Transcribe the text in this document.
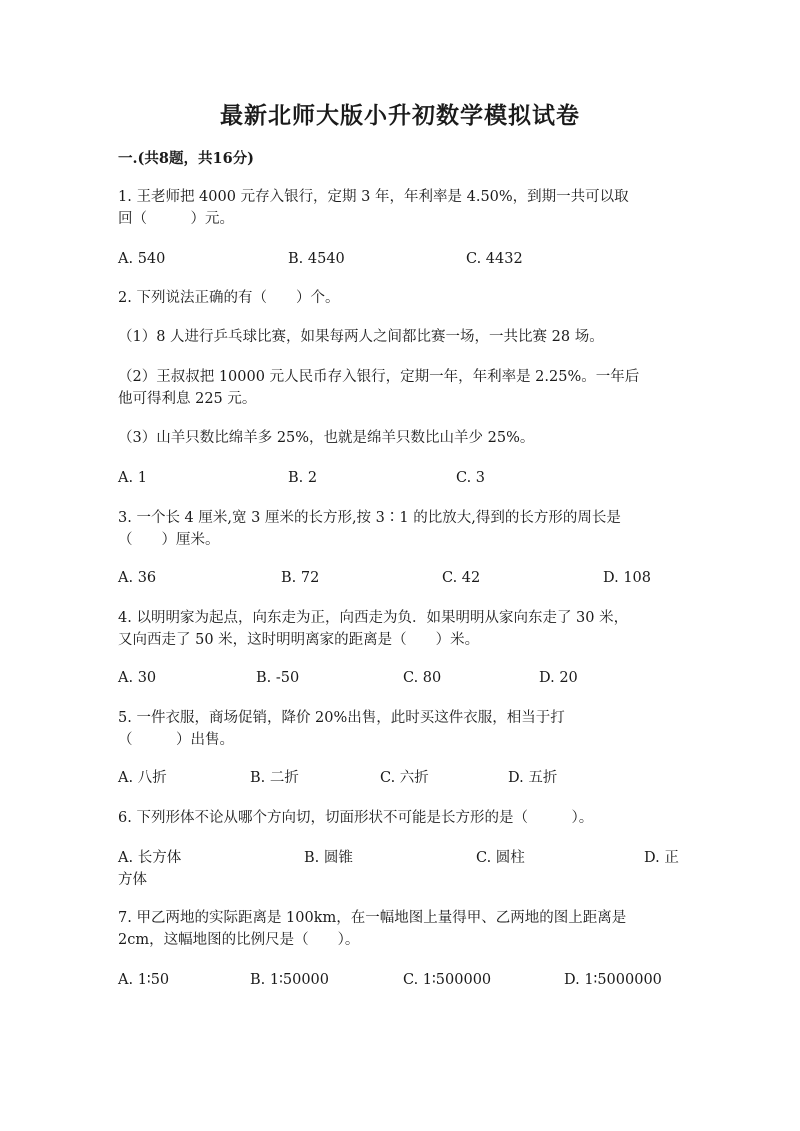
最新北师大版小升初数学模拟试卷
一.(共8题，共16分)
1. 王老师把 4000 元存入银行，定期 3 年，年利率是 4.50%，到期一共可以取
回（　　　）元。
A. 540	B. 4540	C. 4432
2. 下列说法正确的有（　　）个。
（1）8 人进行乒乓球比赛，如果每两人之间都比赛一场，一共比赛 28 场。
（2）王叔叔把 10000 元人民币存入银行，定期一年，年利率是 2.25%。一年后
他可得利息 225 元。
（3）山羊只数比绵羊多 25%，也就是绵羊只数比山羊少 25%。
A. 1	B. 2	C. 3
3. 一个长 4 厘米,宽 3 厘米的长方形,按 3∶1 的比放大,得到的长方形的周长是
（　　）厘米。
A. 36	B. 72	C. 42	D. 108
4. 以明明家为起点，向东走为正，向西走为负．如果明明从家向东走了 30 米，
又向西走了 50 米，这时明明离家的距离是（　　）米。
A. 30	B. -50	C. 80	D. 20
5. 一件衣服，商场促销，降价 20%出售，此时买这件衣服，相当于打
（　　　）出售。
A. 八折	B. 二折	C. 六折	D. 五折
6. 下列形体不论从哪个方向切，切面形状不可能是长方形的是（　　　）。
A. 长方体	B. 圆锥	C. 圆柱	D. 正
方体
7. 甲乙两地的实际距离是 100km，在一幅地图上量得甲、乙两地的图上距离是
2cm，这幅地图的比例尺是（　　）。
A. 1∶50	B. 1∶50000	C. 1∶500000	D. 1∶5000000
